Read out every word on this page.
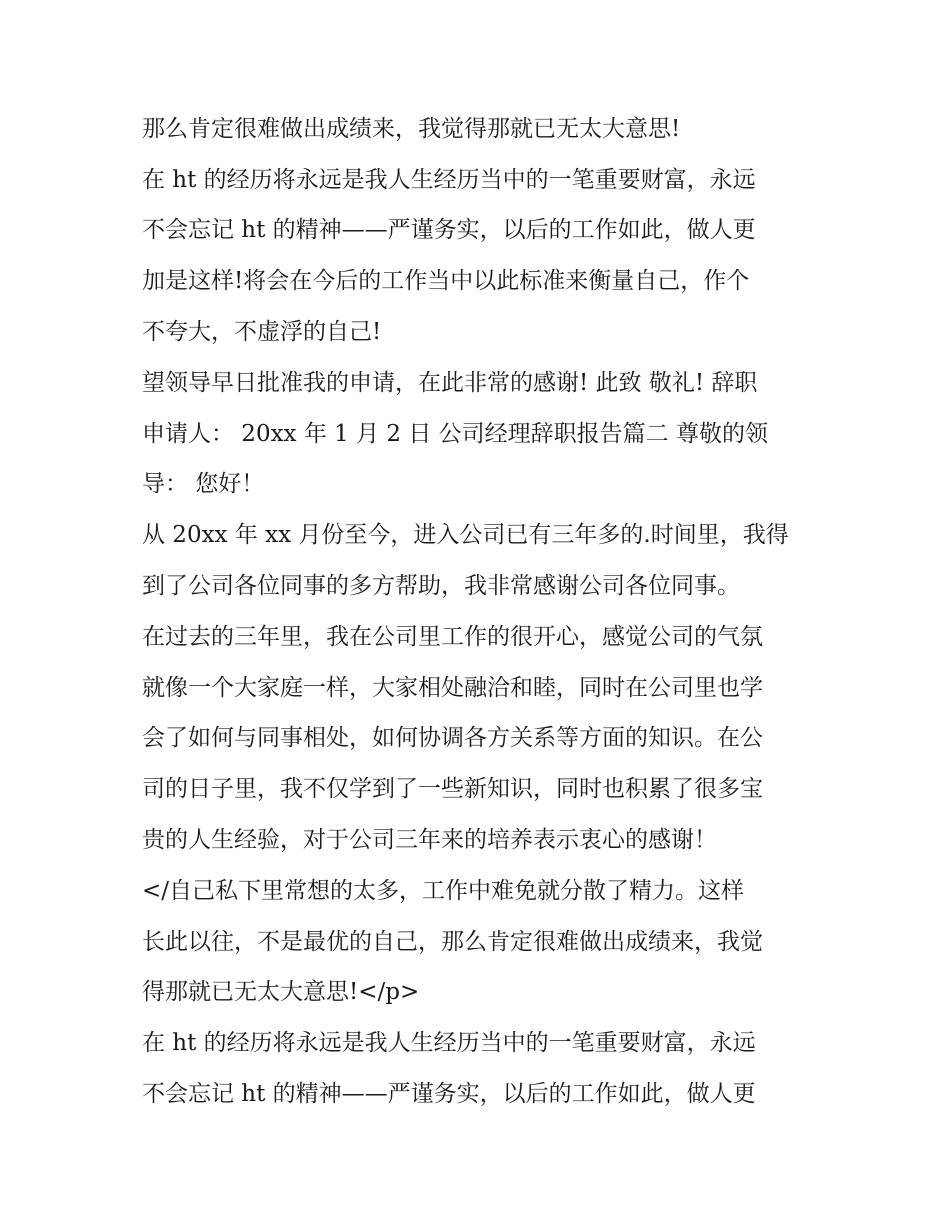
那么肯定很难做出成绩来，我觉得那就已无太大意思!
在 ht 的经历将永远是我人生经历当中的一笔重要财富，永远
不会忘记 ht 的精神——严谨务实，以后的工作如此，做人更
加是这样!将会在今后的工作当中以此标准来衡量自己，作个
不夸大，不虚浮的自己!
望领导早日批准我的申请，在此非常的感谢! 此致 敬礼! 辞职
申请人： 20xx 年 1 月 2 日 公司经理辞职报告篇二 尊敬的领
导： 您好！
从 20xx 年 xx 月份至今，进入公司已有三年多的.时间里，我得
到了公司各位同事的多方帮助，我非常感谢公司各位同事。
在过去的三年里，我在公司里工作的很开心，感觉公司的气氛
就像一个大家庭一样，大家相处融洽和睦，同时在公司里也学
会了如何与同事相处，如何协调各方关系等方面的知识。在公
司的日子里，我不仅学到了一些新知识，同时也积累了很多宝
贵的人生经验，对于公司三年来的培养表示衷心的感谢！
</自己私下里常想的太多，工作中难免就分散了精力。这样
长此以往，不是最优的自己，那么肯定很难做出成绩来，我觉
得那就已无太大意思!</p>
在 ht 的经历将永远是我人生经历当中的一笔重要财富，永远
不会忘记 ht 的精神——严谨务实，以后的工作如此，做人更
